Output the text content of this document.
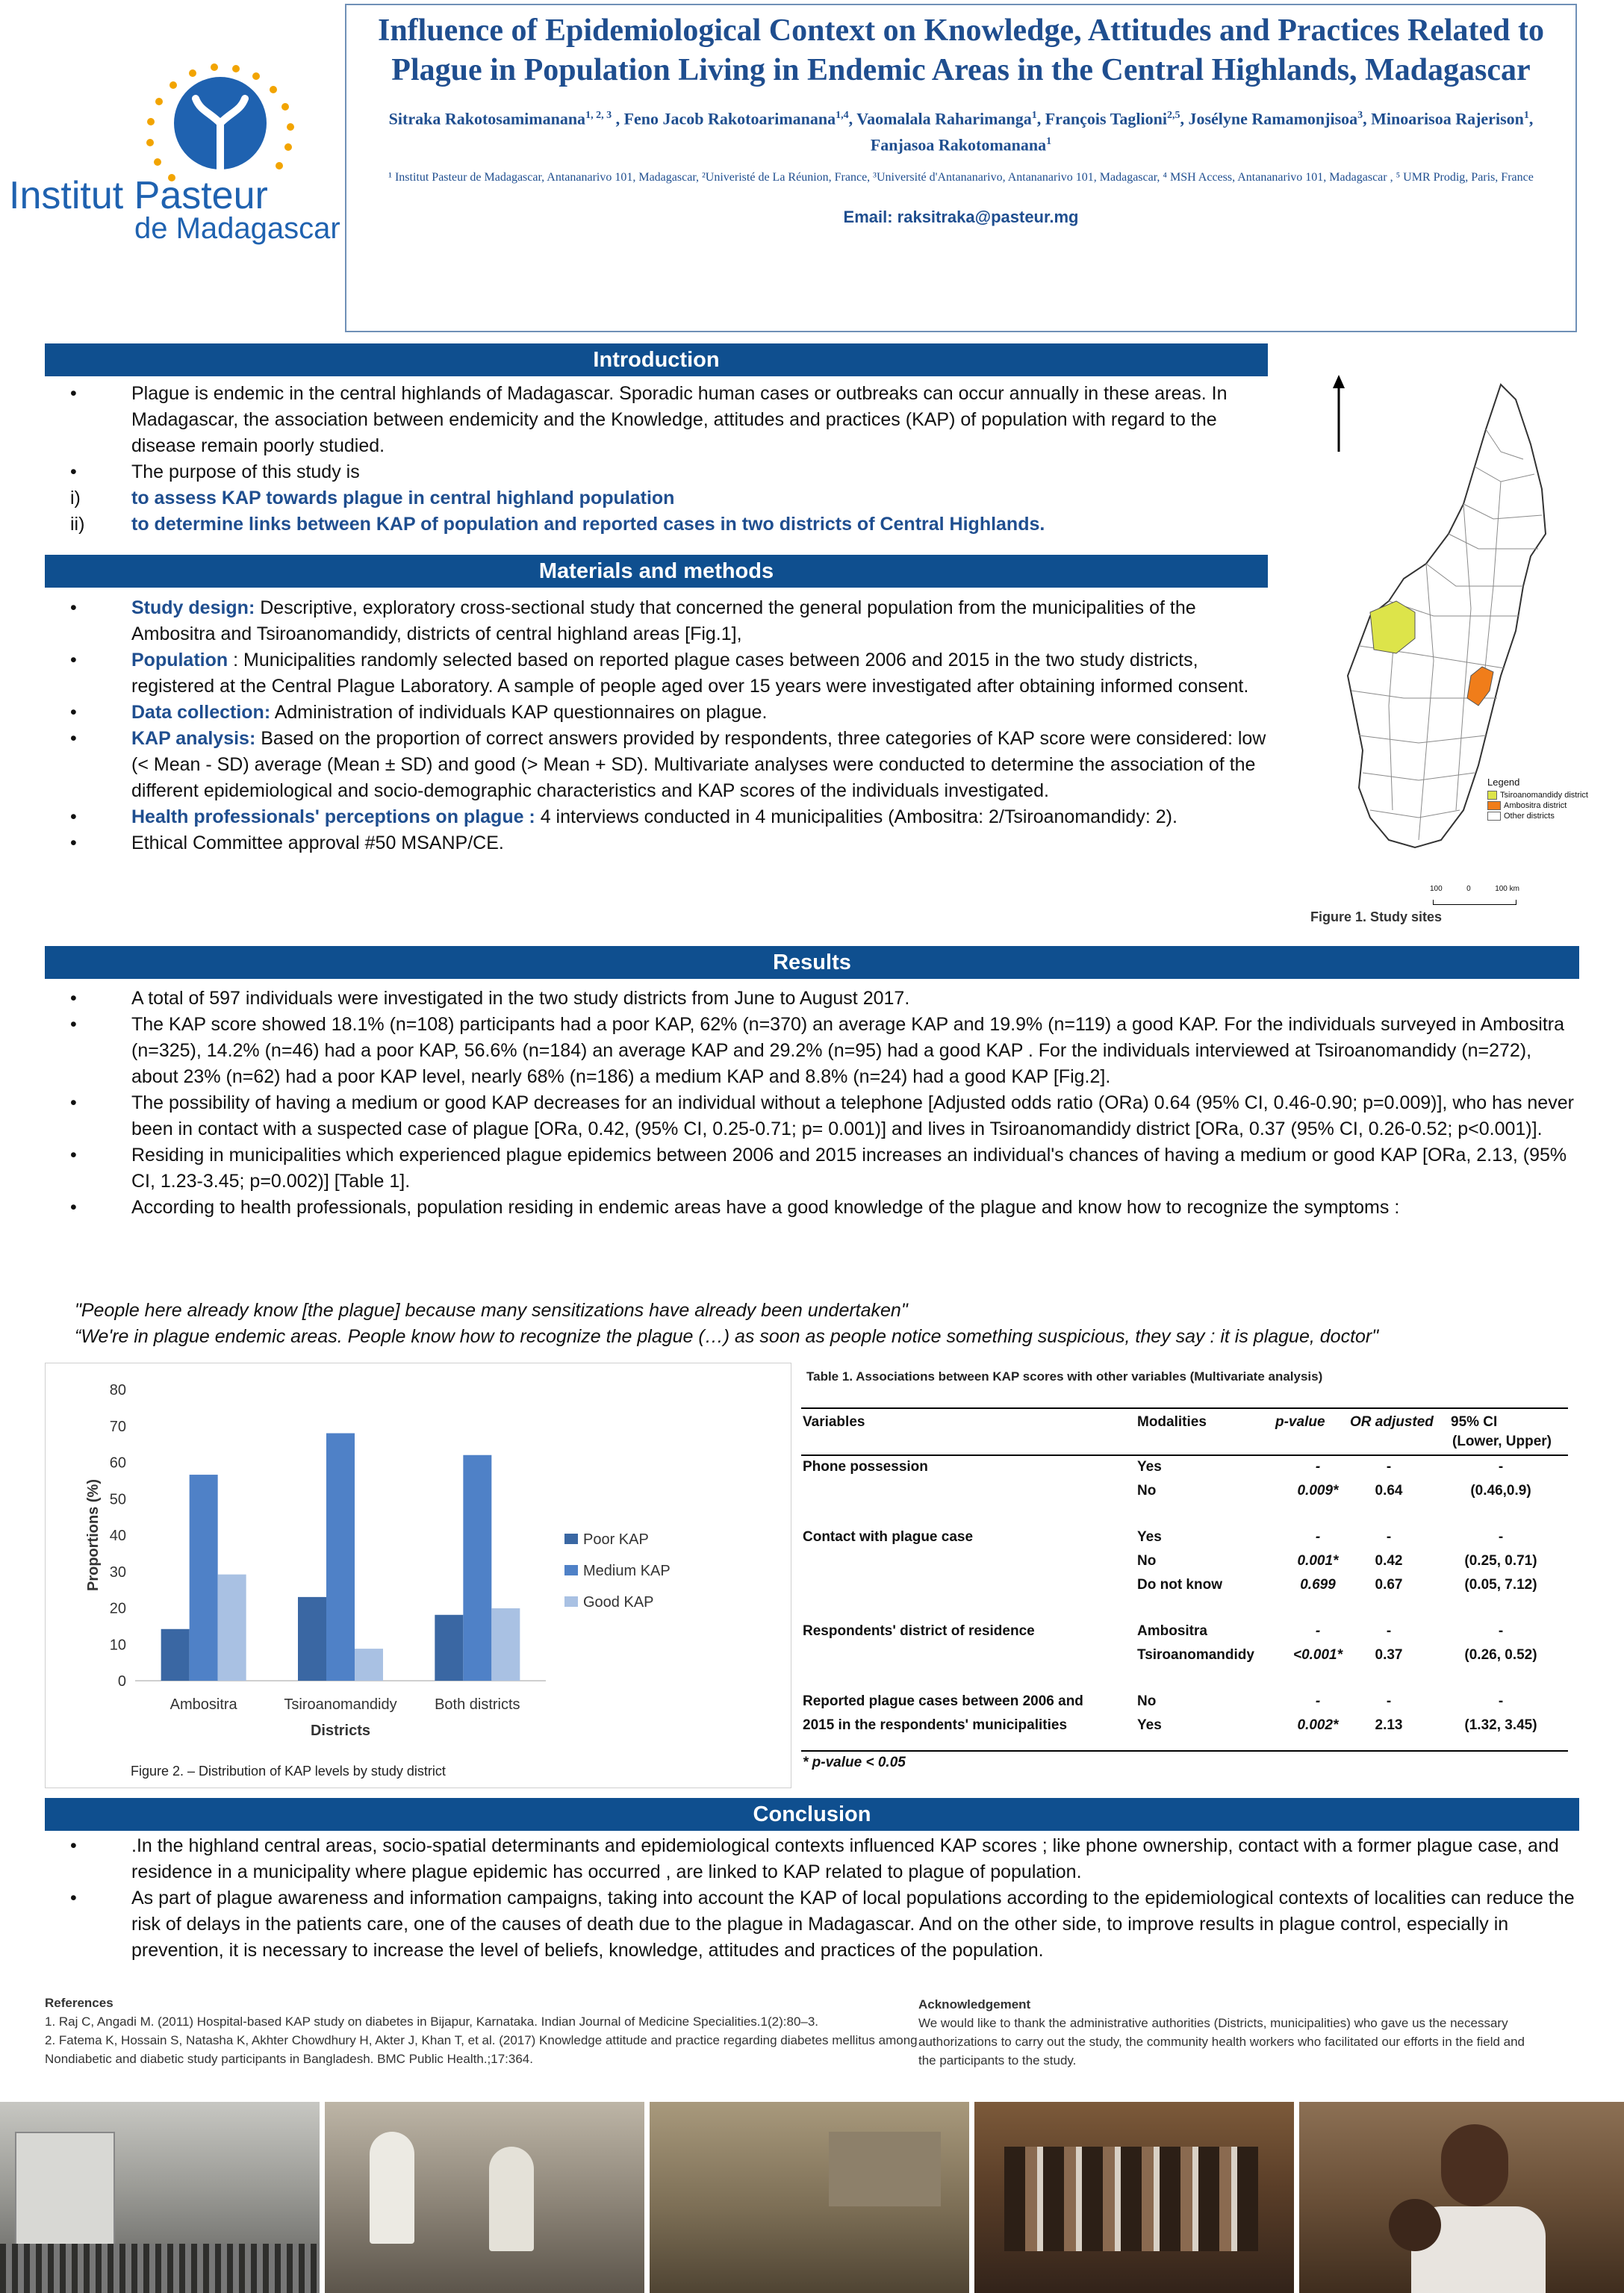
Institut Pasteur
de Madagascar
Influence of Epidemiological Context on Knowledge, Attitudes and Practices Related to Plague in Population Living in Endemic Areas in the Central Highlands, Madagascar
Sitraka Rakotosamimanana$^{1, 2, 3}$ , Feno Jacob Rakotoarimanana$^{1,4}$, Vaomalala Raharimanga$^1$, François Taglioni$^{2,5}$, Josélyne Ramamonjisoa$^3$, Minoarisoa Rajerison$^1$, Fanjasoa Rakotomanana$^1$
¹ Institut Pasteur de Madagascar, Antananarivo 101, Madagascar, ²Univeristé de La Réunion, France, ³Université d'Antananarivo, Antananarivo 101, Madagascar, ⁴ MSH Access, Antananarivo 101, Madagascar , ⁵ UMR Prodig, Paris, France
Email: raksitraka@pasteur.mg
Introduction
•	Plague is endemic in the central highlands of Madagascar. Sporadic human cases or outbreaks can occur annually in these areas. In Madagascar, the association between endemicity and the Knowledge, attitudes and practices (KAP) of population with regard to the disease remain poorly studied.
•	The purpose of this study is
i)	to assess KAP towards plague in central highland population
ii)	to determine links between KAP of population and reported cases in two districts of Central Highlands.
Materials and methods
•	Study design: Descriptive, exploratory cross-sectional study that concerned the general population from the municipalities of the Ambositra and Tsiroanomandidy, districts of central highland areas [Fig.1],
•	Population : Municipalities randomly selected based on reported plague cases between 2006 and 2015 in the two study districts, registered at the Central Plague Laboratory. A sample of people aged over 15 years were investigated after obtaining informed consent.
•	Data collection: Administration of individuals KAP questionnaires on plague.
•	KAP analysis: Based on the proportion of correct answers provided by respondents, three categories of KAP score were considered: low (< Mean - SD) average (Mean ± SD) and good (> Mean + SD). Multivariate analyses were conducted to determine the association of the different epidemiological and socio-demographic characteristics and KAP scores of the individuals investigated.
•	Health professionals' perceptions on plague : 4 interviews conducted in 4 municipalities (Ambositra: 2/Tsiroanomandidy: 2).
•	Ethical Committee approval #50 MSANP/CE.
Legend
Tsiroanomandidy district
Ambositra district
Other districts
100	0	100 km
Figure 1. Study sites
Results
•	A total of 597 individuals were investigated in the two study districts from June to August 2017.
•	The KAP score showed 18.1% (n=108) participants had a poor KAP, 62% (n=370) an average KAP and 19.9% (n=119) a good KAP. For the individuals surveyed in Ambositra (n=325), 14.2% (n=46) had a poor KAP, 56.6% (n=184) an average KAP and 29.2% (n=95) had a good KAP . For the individuals interviewed at Tsiroanomandidy (n=272), about 23% (n=62) had a poor KAP level, nearly 68% (n=186) a medium KAP and 8.8% (n=24) had a good KAP [Fig.2].
•	The possibility of having a medium or good KAP decreases for an individual without a telephone [Adjusted odds ratio (ORa) 0.64 (95% CI, 0.46-0.90; p=0.009)], who has never been in contact with a suspected case of plague [ORa, 0.42, (95% CI, 0.25-0.71; p= 0.001)] and lives in Tsiroanomandidy district [ORa, 0.37 (95% CI, 0.26-0.52; p<0.001)].
•	Residing in municipalities which experienced plague epidemics between 2006 and 2015 increases an individual's chances of having a medium or good KAP [ORa, 2.13, (95% CI, 1.23-3.45; p=0.002)] [Table 1].
•	According to health professionals, population residing in endemic areas have a good knowledge of the plague and know how to recognize the symptoms :
"People here already know [the plague] because many sensitizations have already been undertaken"
“We're in plague endemic areas. People know how to recognize the plague (…) as soon as people notice something suspicious, they say : it is plague, doctor"
0
10
20
30
40
50
60
70
80
Proportions (%)
Ambositra	Tsiroanomandidy	Both districts
Districts
Poor KAP
Medium KAP
Good KAP
Figure 2. – Distribution of KAP levels by study district
Table 1. Associations between KAP scores with other variables (Multivariate analysis)
Variables	Modalities	p-value OR adjusted 95% CI
(Lower, Upper)
Phone possession	Yes	-	-	-
No	0.009*	0.64	(0.46,0.9)
Contact with plague case	Yes	-	-	-
No	0.001*	0.42	(0.25, 0.71)
Do not know	0.699	0.67	(0.05, 7.12)
Respondents' district of residence	Ambositra	-	-	-
Tsiroanomandidy	<0.001*	0.37	(0.26, 0.52)
Reported plague cases between 2006 and	No	-	-	-
2015 in the respondents' municipalities	Yes	0.002*	2.13	(1.32, 3.45)
* p-value < 0.05
Conclusion
•	.In the highland central areas, socio-spatial determinants and epidemiological contexts influenced KAP scores ; like phone ownership, contact with a former plague case, and residence in a municipality where plague epidemic has occurred , are linked to KAP related to plague of population.
•	As part of plague awareness and information campaigns, taking into account the KAP of local populations according to the epidemiological contexts of localities can reduce the risk of delays in the patients care, one of the causes of death due to the plague in Madagascar. And on the other side, to improve results in plague control, especially in prevention, it is necessary to increase the level of beliefs, knowledge, attitudes and practices of the population.
References
1. Raj C, Angadi M. (2011) Hospital-based KAP study on diabetes in Bijapur, Karnataka. Indian Journal of Medicine Specialities.1(2):80–3.
2. Fatema K, Hossain S, Natasha K, Akhter Chowdhury H, Akter J, Khan T, et al. (2017) Knowledge attitude and practice regarding diabetes mellitus among Nondiabetic and diabetic study participants in Bangladesh. BMC Public Health.;17:364.
Acknowledgement
We would like to thank the administrative authorities (Districts, municipalities) who gave us the necessary authorizations to carry out the study, the community health workers who facilitated our efforts in the field and the participants to the study.
